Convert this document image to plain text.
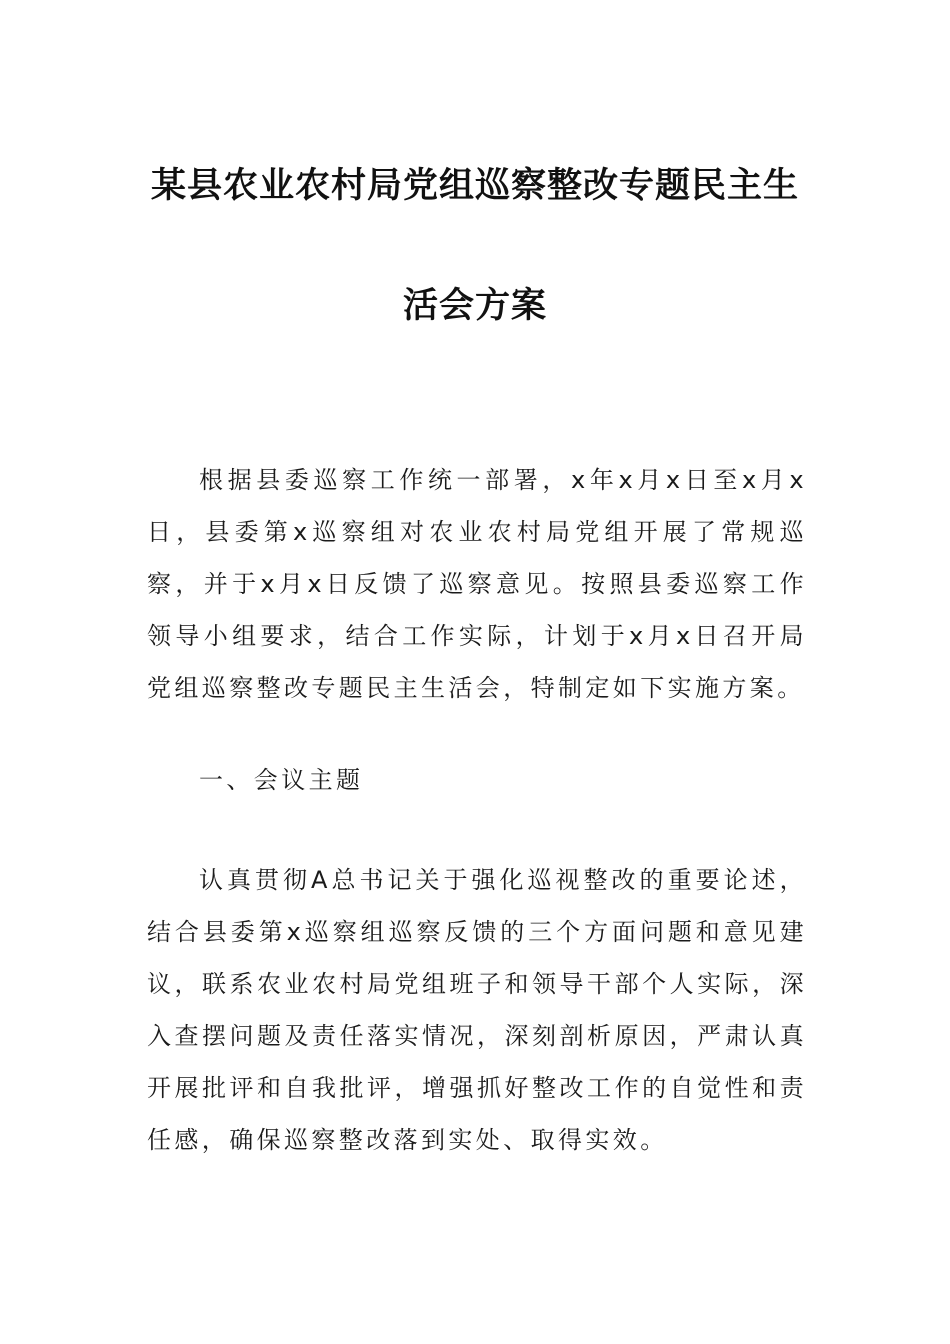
某县农业农村局党组巡察整改专题民主生
活会方案

根据县委巡察工作统一部署，x年x月x日至x月x日，县委第x巡察组对农业农村局党组开展了常规巡察，并于x月x日反馈了巡察意见。按照县委巡察工作领导小组要求，结合工作实际，计划于x月x日召开局党组巡察整改专题民主生活会，特制定如下实施方案。

一、会议主题

认真贯彻A总书记关于强化巡视整改的重要论述，结合县委第x巡察组巡察反馈的三个方面问题和意见建议，联系农业农村局党组班子和领导干部个人实际，深入查摆问题及责任落实情况，深刻剖析原因，严肃认真开展批评和自我批评，增强抓好整改工作的自觉性和责任感，确保巡察整改落到实处、取得实效。
